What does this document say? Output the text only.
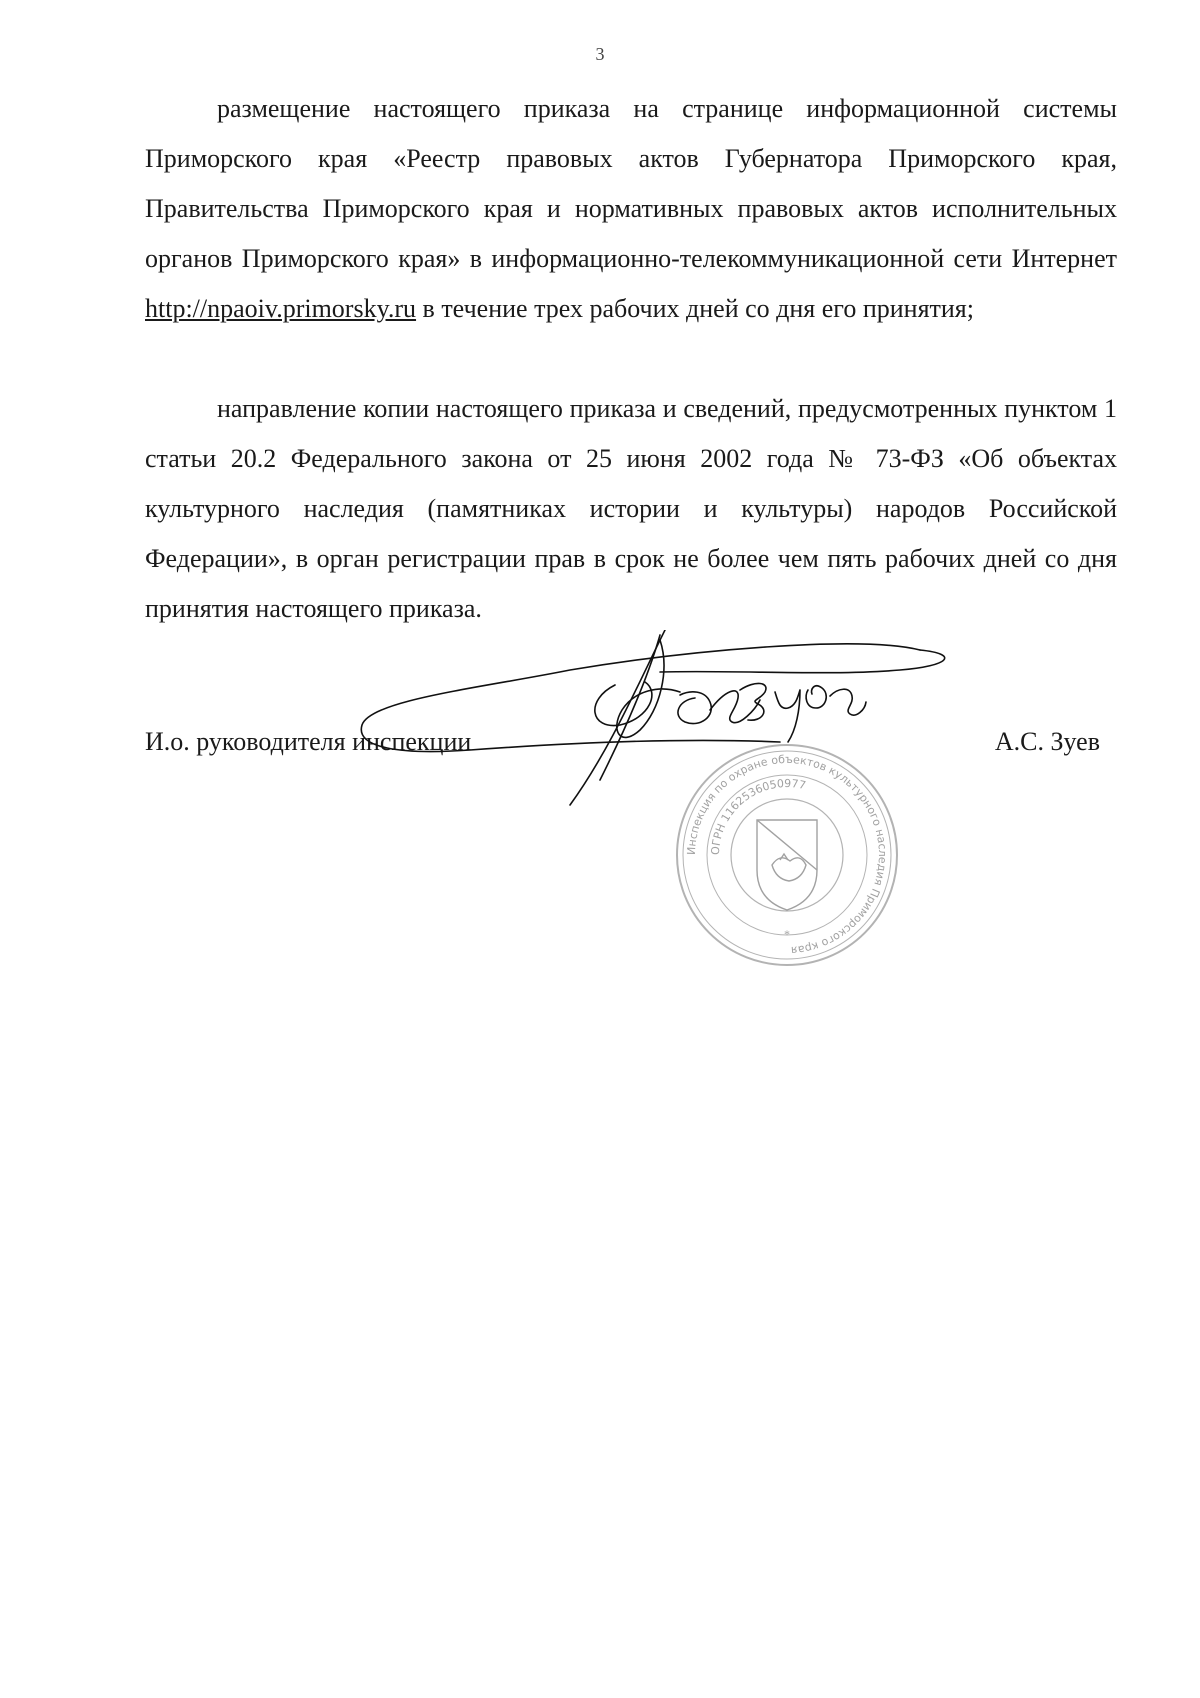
3

размещение настоящего приказа на странице информационной системы Приморского края «Реестр правовых актов Губернатора Приморского края, Правительства Приморского края и нормативных правовых актов исполнительных органов Приморского края» в информационно-телекоммуникационной сети Интернет http://npaoiv.primorsky.ru в течение трех рабочих дней со дня его принятия;

направление копии настоящего приказа и сведений, предусмотренных пунктом 1 статьи 20.2 Федерального закона от 25 июня 2002 года № 73-ФЗ «Об объектах культурного наследия (памятниках истории и культуры) народов Российской Федерации», в орган регистрации прав в срок не более чем пять рабочих дней со дня принятия настоящего приказа.

Инспекция по охране объектов культурного наследия Приморского края
ОГРН 1162536050977
*
И.о. руководителя инспекции	А.С. Зуев
